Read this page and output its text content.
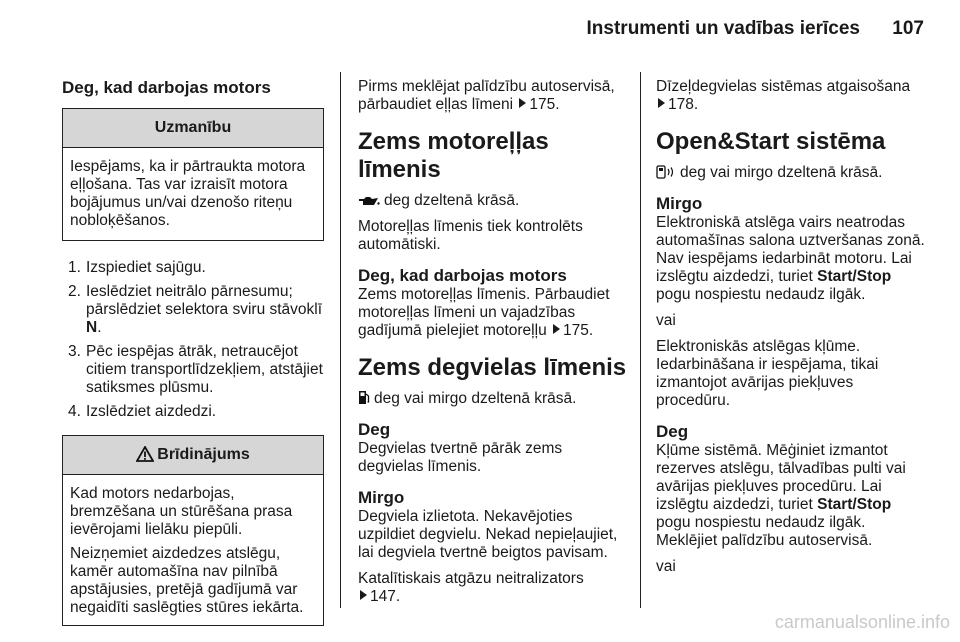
Instrumenti un vadības ierīces	107
Deg, kad darbojas motors
Uzmanību

Iespējams, ka ir pārtraukta motora eļļošana. Tas var izraisīt motora bojājumus un/vai dzenošo riteņu nobloķēšanos.

1. Izspiediet sajūgu.
2. Ieslēdziet neitrālo pārnesumu; pārslēdziet selektora sviru stāvoklī N.
3. Pēc iespējas ātrāk, netraucējot citiem transportlīdzekļiem, atstājiet satiksmes plūsmu.
4. Izslēdziet aizdedzi.
Brīdinājums

Kad motors nedarbojas, bremzēšana un stūrēšana prasa ievērojami lielāku piepūli.

Neizņemiet aizdedzes atslēgu, kamēr automašīna nav pilnībā apstājusies, pretējā gadījumā var negaidīti saslēgties stūres iekārta.

Pirms meklējat palīdzību autoservisā, pārbaudiet eļļas līmeni 175.

Zems motoreļļas līmenis

deg dzeltenā krāsā.

Motoreļļas līmenis tiek kontrolēts automātiski.

Deg, kad darbojas motors

Zems motoreļļas līmenis. Pārbaudiet motoreļļas līmeni un vajadzības gadījumā pielejiet motoreļļu 175.

Zems degvielas līmenis

deg vai mirgo dzeltenā krāsā.

Deg

Degvielas tvertnē pārāk zems degvielas līmenis.

Mirgo

Degviela izlietota. Nekavējoties uzpildiet degvielu. Nekad nepieļaujiet, lai degviela tvertnē beigtos pavisam.

Katalītiskais atgāzu neitralizators
147.

Dīzeļdegvielas sistēmas atgaisošana
178.

Open&Start sistēma

deg vai mirgo dzeltenā krāsā.

Mirgo

Elektroniskā atslēga vairs neatrodas automašīnas salona uztveršanas zonā. Nav iespējams iedarbināt motoru. Lai izslēgtu aizdedzi, turiet Start/Stop pogu nospiestu nedaudz ilgāk.

vai

Elektroniskās atslēgas kļūme. Iedarbināšana ir iespējama, tikai izmantojot avārijas piekļuves procedūru.

Deg

Kļūme sistēmā. Mēģiniet izmantot rezerves atslēgu, tālvadības pulti vai avārijas piekļuves procedūru. Lai izslēgtu aizdedzi, turiet Start/Stop pogu nospiestu nedaudz ilgāk. Meklējiet palīdzību autoservisā.

vai

carmanualsonline.info
